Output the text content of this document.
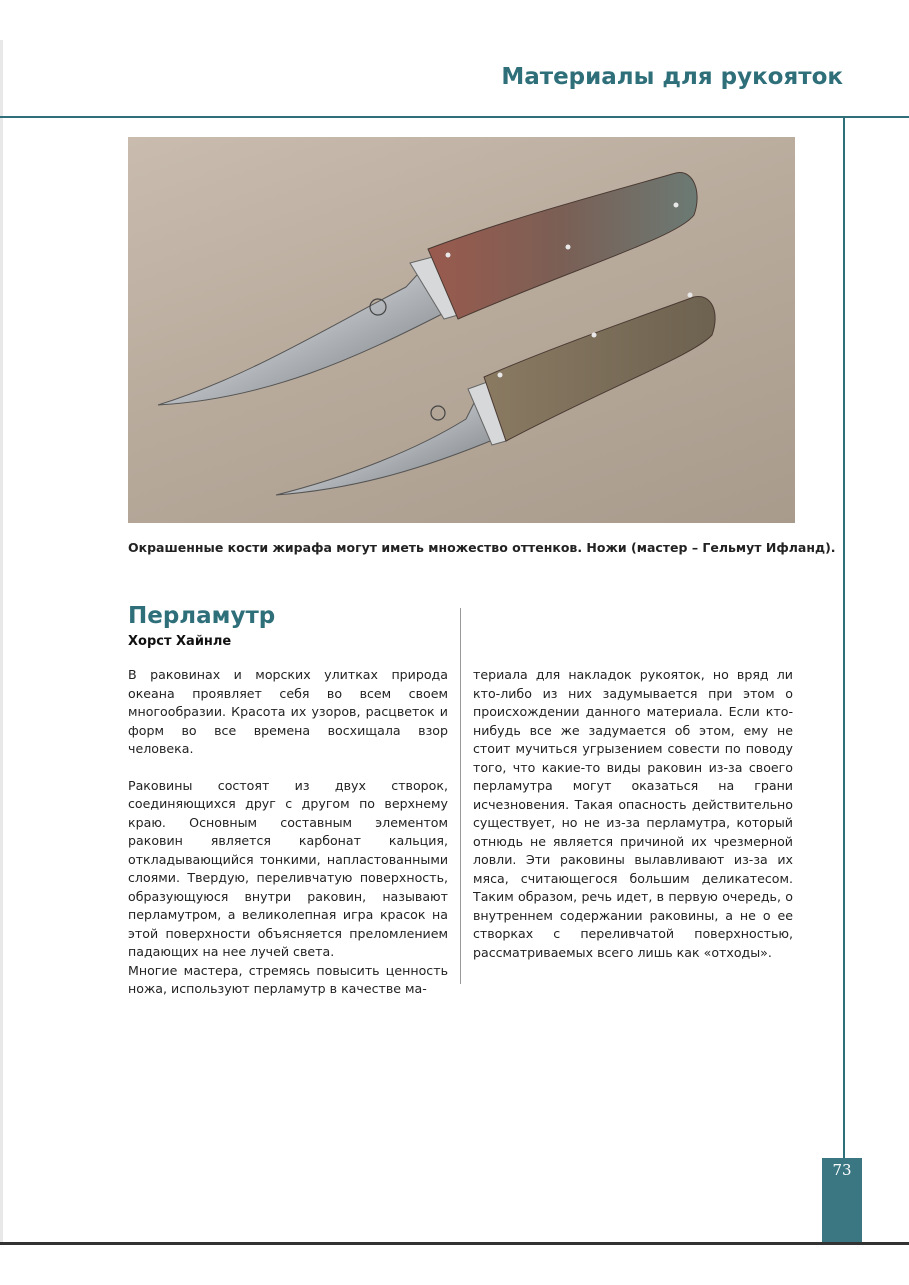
Материалы для рукояток
Окрашенные кости жирафа могут иметь множество оттенков. Ножи (мастер – Гельмут Ифланд).
Перламутр
Хорст Хайнле

В раковинах и морских улитках природа океана проявляет себя во всем своем многообразии. Красота их узоров, расцветок и форм во все времена восхищала взор человека.

Раковины состоят из двух створок, соединяющихся друг с другом по верхнему краю. Основным составным элементом раковин является карбонат кальция, откладывающийся тонкими, напластованными слоями. Твердую, переливчатую поверхность, образующуюся внутри раковин, называют перламутром, а великолепная игра красок на этой поверхности объясняется преломлением падающих на нее лучей света.

Многие мастера, стремясь повысить ценность ножа, используют перламутр в качестве ма-

териала для накладок рукояток, но вряд ли кто-либо из них задумывается при этом о происхождении данного материала. Если кто-нибудь все же задумается об этом, ему не стоит мучиться угрызением совести по поводу того, что какие-то виды раковин из-за своего перламутра могут оказаться на грани исчезновения. Такая опасность действительно существует, но не из-за перламутра, который отнюдь не является причиной их чрезмерной ловли. Эти раковины вылавливают из-за их мяса, считающегося большим деликатесом. Таким образом, речь идет, в первую очередь, о внутреннем содержании раковины, а не о ее створках с переливчатой поверхностью, рассматриваемых всего лишь как «отходы».

73
